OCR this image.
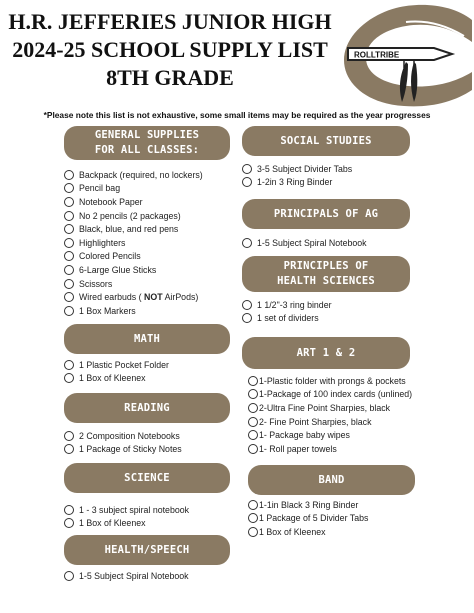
H.R. JEFFERIES JUNIOR HIGH
2024-25 SCHOOL SUPPLY LIST
8TH GRADE
ROLLTRIBE
*Please note this list is not exhaustive, some small items may be required as the year progresses
GENERAL SUPPLIES
FOR ALL CLASSES:
Backpack (required, no lockers)
Pencil bag
Notebook Paper
No 2 pencils (2 packages)
Black, blue, and red pens
Highlighters
Colored Pencils
6-Large Glue Sticks
Scissors
Wired earbuds ( NOT AirPods)
1 Box Markers
MATH
1 Plastic Pocket Folder
1 Box of Kleenex
READING
2 Composition Notebooks
1 Package of Sticky Notes
SCIENCE
1 - 3 subject spiral notebook
1 Box of Kleenex
HEALTH/SPEECH
1-5 Subject Spiral Notebook
SOCIAL STUDIES
3-5 Subject Divider Tabs
1-2in 3 Ring Binder
PRINCIPALS OF AG
1-5 Subject Spiral Notebook
PRINCIPLES OF
HEALTH SCIENCES
1 1/2"-3 ring binder
1 set of dividers
ART 1 & 2
1-Plastic folder with prongs & pockets
1-Package of 100 index cards (unlined)
2-Ultra Fine Point Sharpies, black
2- Fine Point Sharpies, black
1- Package baby wipes
1- Roll paper towels
BAND
1-1in Black 3 Ring Binder
1 Package of 5 Divider Tabs
1 Box of Kleenex
